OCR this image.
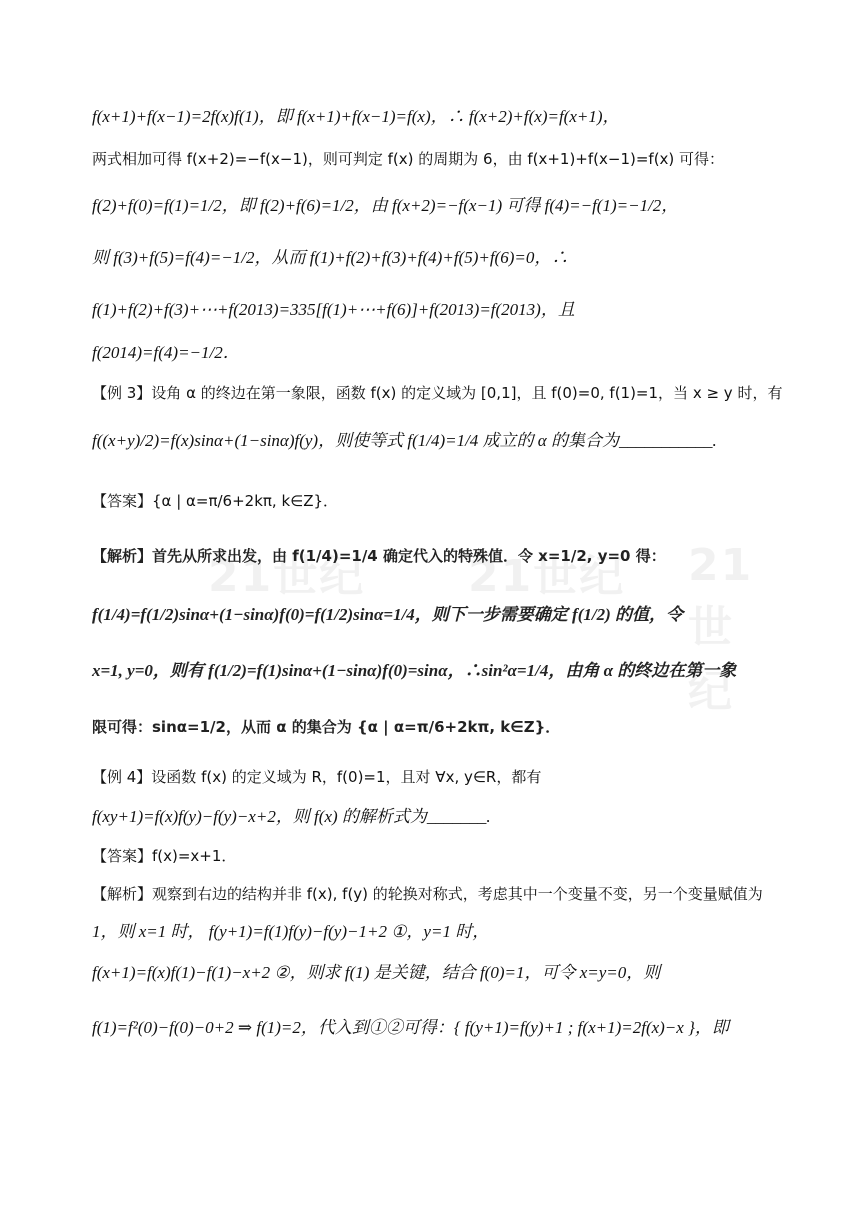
f(x+1)+f(x−1)=2f(x)f(1)，即 f(x+1)+f(x−1)=f(x)，∴ f(x+2)+f(x)=f(x+1)，
两式相加可得 f(x+2)=−f(x−1)，则可判定 f(x) 的周期为 6，由 f(x+1)+f(x−1)=f(x) 可得：
f(2)+f(0)=f(1)=1/2，即 f(2)+f(6)=1/2，由 f(x+2)=−f(x−1) 可得 f(4)=−f(1)=−1/2，
则 f(3)+f(5)=f(4)=−1/2，从而 f(1)+f(2)+f(3)+f(4)+f(5)+f(6)=0，∴
f(1)+f(2)+f(3)+⋯+f(2013)=335[f(1)+⋯+f(6)]+f(2013)=f(2013)，且
f(2014)=f(4)=−1/2．
【例 3】设角 α 的终边在第一象限，函数 f(x) 的定义域为 [0,1]，且 f(0)=0, f(1)=1，当 x ≥ y 时，有
f((x+y)/2)=f(x)sinα+(1−sinα)f(y)，则使等式 f(1/4)=1/4 成立的 α 的集合为___________.
【答案】{α | α=π/6+2kπ, k∈Z}．
21世纪 21世纪 21世纪
【解析】首先从所求出发，由 f(1/4)=1/4 确定代入的特殊值．令 x=1/2, y=0 得：
f(1/4)=f(1/2)sinα+(1−sinα)f(0)=f(1/2)sinα=1/4，则下一步需要确定 f(1/2) 的值，令
x=1, y=0，则有 f(1/2)=f(1)sinα+(1−sinα)f(0)=sinα，∴sin²α=1/4，由角 α 的终边在第一象
限可得：sinα=1/2，从而 α 的集合为 {α | α=π/6+2kπ, k∈Z}．
【例 4】设函数 f(x) 的定义域为 R，f(0)=1，且对 ∀x, y∈R，都有
f(xy+1)=f(x)f(y)−f(y)−x+2，则 f(x) 的解析式为_______.
【答案】f(x)=x+1．
【解析】观察到右边的结构并非 f(x), f(y) 的轮换对称式，考虑其中一个变量不变，另一个变量赋值为
1，则 x=1 时， f(y+1)=f(1)f(y)−f(y)−1+2 ①，y=1 时，
f(x+1)=f(x)f(1)−f(1)−x+2 ②，则求 f(1) 是关键，结合 f(0)=1，可令 x=y=0，则
f(1)=f²(0)−f(0)−0+2 ⇒ f(1)=2，代入到①②可得：{ f(y+1)=f(y)+1 ; f(x+1)=2f(x)−x }，即
